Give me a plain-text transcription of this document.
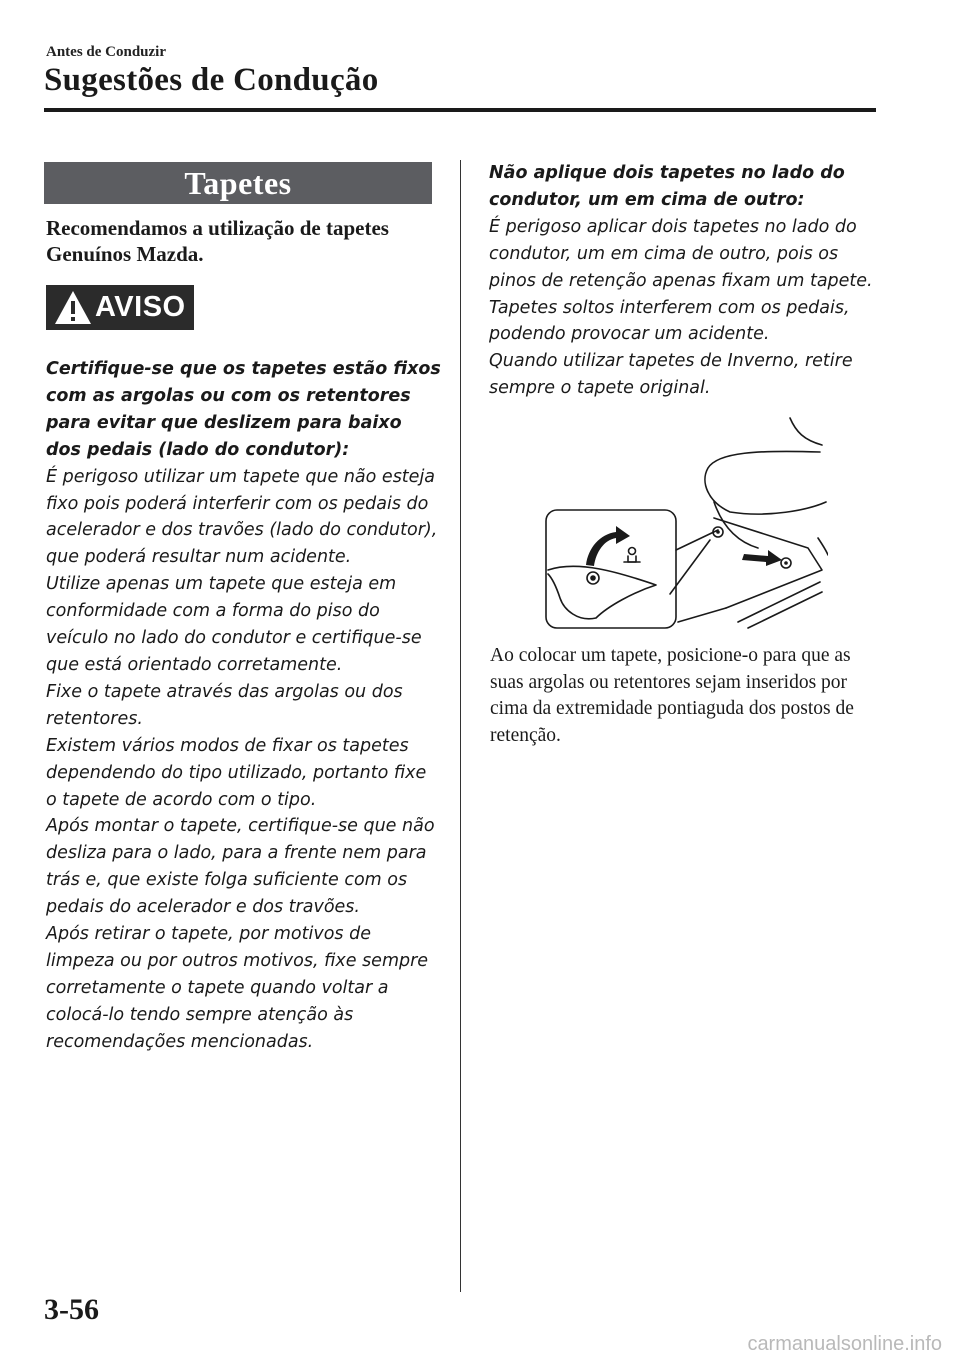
Antes de Conduzir
Sugestões de Condução
Tapetes
Recomendamos a utilização de tapetes Genuínos Mazda.
AVISO
Certifique-se que os tapetes estão fixos com as argolas ou com os retentores para evitar que deslizem para baixo dos pedais (lado do condutor):
É perigoso utilizar um tapete que não esteja fixo pois poderá interferir com os pedais do acelerador e dos travões (lado do condutor), que poderá resultar num acidente.
Utilize apenas um tapete que esteja em conformidade com a forma do piso do veículo no lado do condutor e certifique-se que está orientado corretamente.
Fixe o tapete através das argolas ou dos retentores.
Existem vários modos de fixar os tapetes dependendo do tipo utilizado, portanto fixe o tapete de acordo com o tipo.
Após montar o tapete, certifique-se que não desliza para o lado, para a frente nem para trás e, que existe folga suficiente com os pedais do acelerador e dos travões.
Após retirar o tapete, por motivos de limpeza ou por outros motivos, fixe sempre corretamente o tapete quando voltar a colocá-lo tendo sempre atenção às recomendações mencionadas.
Não aplique dois tapetes no lado do condutor, um em cima de outro:
É perigoso aplicar dois tapetes no lado do condutor, um em cima de outro, pois os pinos de retenção apenas fixam um tapete.
Tapetes soltos interferem com os pedais, podendo provocar um acidente.
Quando utilizar tapetes de Inverno, retire sempre o tapete original.
Ao colocar um tapete, posicione-o para que as suas argolas ou retentores sejam inseridos por cima da extremidade pontiaguda dos postos de retenção.
3-56
carmanualsonline.info
